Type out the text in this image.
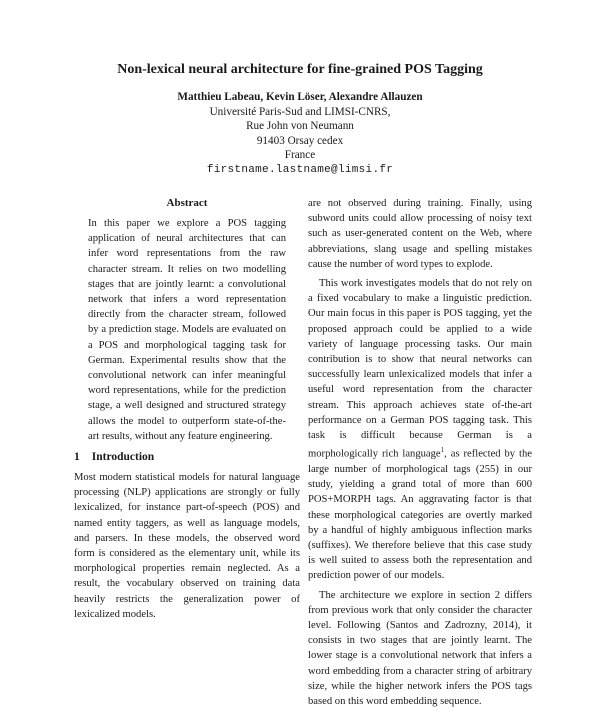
Non-lexical neural architecture for fine-grained POS Tagging
Matthieu Labeau, Kevin Löser, Alexandre Allauzen
Université Paris-Sud and LIMSI-CNRS,
Rue John von Neumann
91403 Orsay cedex
France
firstname.lastname@limsi.fr
Abstract

In this paper we explore a POS tagging application of neural architectures that can infer word representations from the raw character stream. It relies on two modelling stages that are jointly learnt: a convolutional network that infers a word representation directly from the character stream, followed by a prediction stage. Models are evaluated on a POS and morphological tagging task for German. Experimental results show that the convolutional network can infer meaningful word representations, while for the prediction stage, a well designed and structured strategy allows the model to outperform state-of-the-art results, without any feature engineering.

1 Introduction

Most modern statistical models for natural language processing (NLP) applications are strongly or fully lexicalized, for instance part-of-speech (POS) and named entity taggers, as well as language models, and parsers. In these models, the observed word form is considered as the elementary unit, while its morphological properties remain neglected. As a result, the vocabulary observed on training data heavily restricts the generalization power of lexicalized models.

are not observed during training. Finally, using subword units could allow processing of noisy text such as user-generated content on the Web, where abbreviations, slang usage and spelling mistakes cause the number of word types to explode.

This work investigates models that do not rely on a fixed vocabulary to make a linguistic prediction. Our main focus in this paper is POS tagging, yet the proposed approach could be applied to a wide variety of language processing tasks. Our main contribution is to show that neural networks can successfully learn unlexicalized models that infer a useful word representation from the character stream. This approach achieves state of-the-art performance on a German POS tagging task. This task is difficult because German is a morphologically rich language$^1$, as reflected by the large number of morphological tags (255) in our study, yielding a grand total of more than 600 POS+MORPH tags. An aggravating factor is that these morphological categories are overtly marked by a handful of highly ambiguous inflection marks (suffixes). We therefore believe that this case study is well suited to assess both the representation and prediction power of our models.

The architecture we explore in section 2 differs from previous work that only consider the character level. Following (Santos and Zadrozny, 2014), it consists in two stages that are jointly learnt. The lower stage is a convolutional network that infers a word embedding from a character string of arbitrary size, while the higher network infers the POS tags based on this word embedding sequence.
